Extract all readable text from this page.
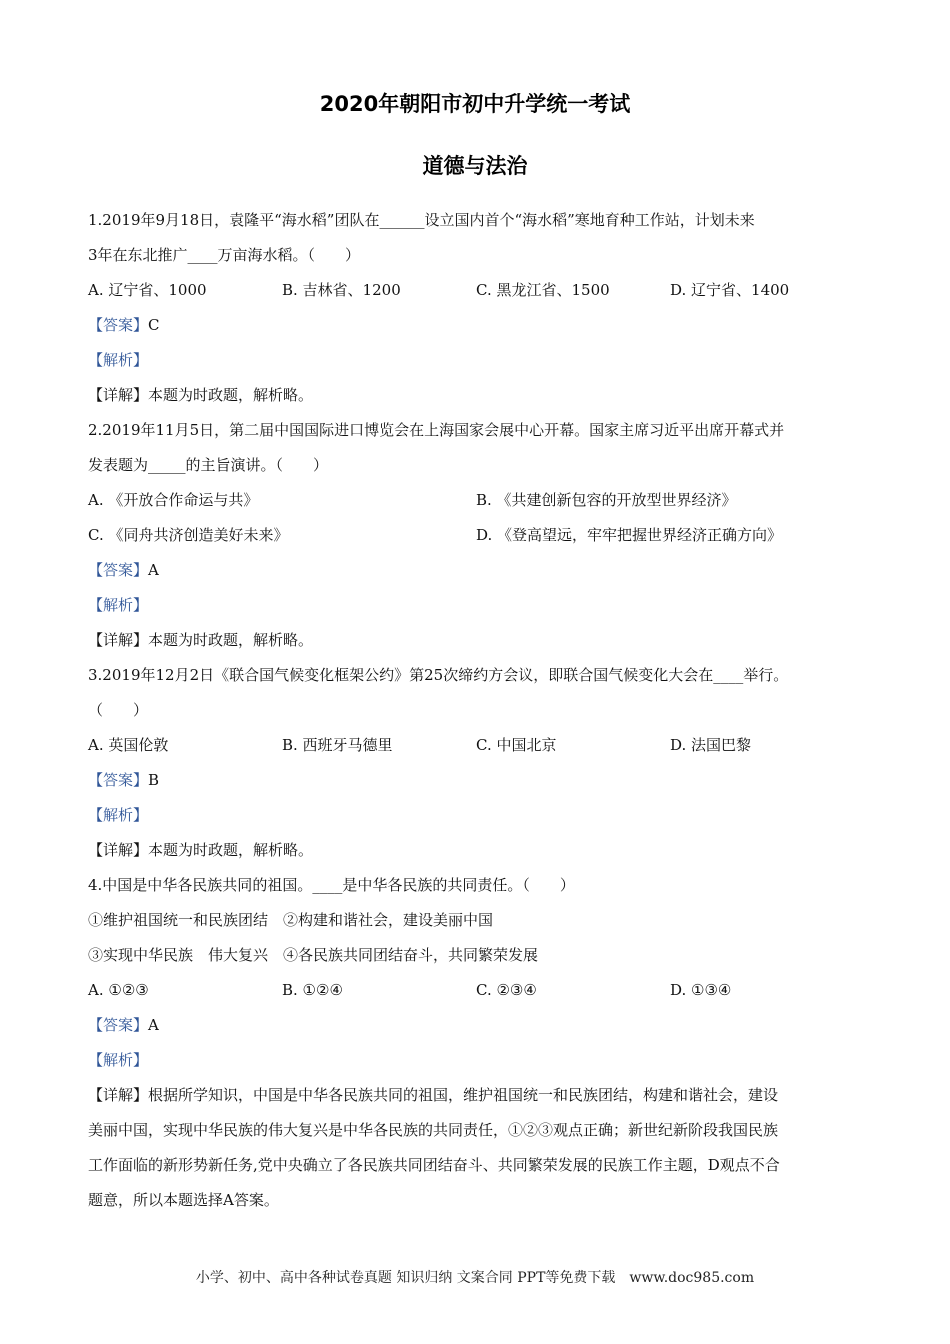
2020年朝阳市初中升学统一考试
道德与法治
1.2019年9月18日，袁隆平“海水稻”团队在______设立国内首个“海水稻”寒地育种工作站，计划未来
3年在东北推广____万亩海水稻。（　　）
A. 辽宁省、1000	B. 吉林省、1200	C. 黑龙江省、1500	D. 辽宁省、1400
【答案】C
【解析】
【详解】本题为时政题，解析略。
2.2019年11月5日，第二届中国国际进口博览会在上海国家会展中心开幕。国家主席习近平出席开幕式并
发表题为_____的主旨演讲。（　　）
A. 《开放合作命运与共》	B. 《共建创新包容的开放型世界经济》
C. 《同舟共济创造美好未来》	D. 《登高望远，牢牢把握世界经济正确方向》
【答案】A
【解析】
【详解】本题为时政题，解析略。
3.2019年12月2日《联合国气候变化框架公约》第25次缔约方会议，即联合国气候变化大会在____举行。
（　　）
A. 英国伦敦	B. 西班牙马德里	C. 中国北京	D. 法国巴黎
【答案】B
【解析】
【详解】本题为时政题，解析略。
4.中国是中华各民族共同的祖国。____是中华各民族的共同责任。（　　）
①维护祖国统一和民族团结　②构建和谐社会，建设美丽中国
③实现中华民族　伟大复兴　④各民族共同团结奋斗，共同繁荣发展
A. ①②③	B. ①②④	C. ②③④	D. ①③④
【答案】A
【解析】
【详解】根据所学知识，中国是中华各民族共同的祖国，维护祖国统一和民族团结，构建和谐社会，建设
美丽中国，实现中华民族的伟大复兴是中华各民族的共同责任，①②③观点正确；新世纪新阶段我国民族
工作面临的新形势新任务,党中央确立了各民族共同团结奋斗、共同繁荣发展的民族工作主题，D观点不合
题意，所以本题选择A答案。
小学、初中、高中各种试卷真题 知识归纳 文案合同 PPT等免费下载　www.doc985.com
